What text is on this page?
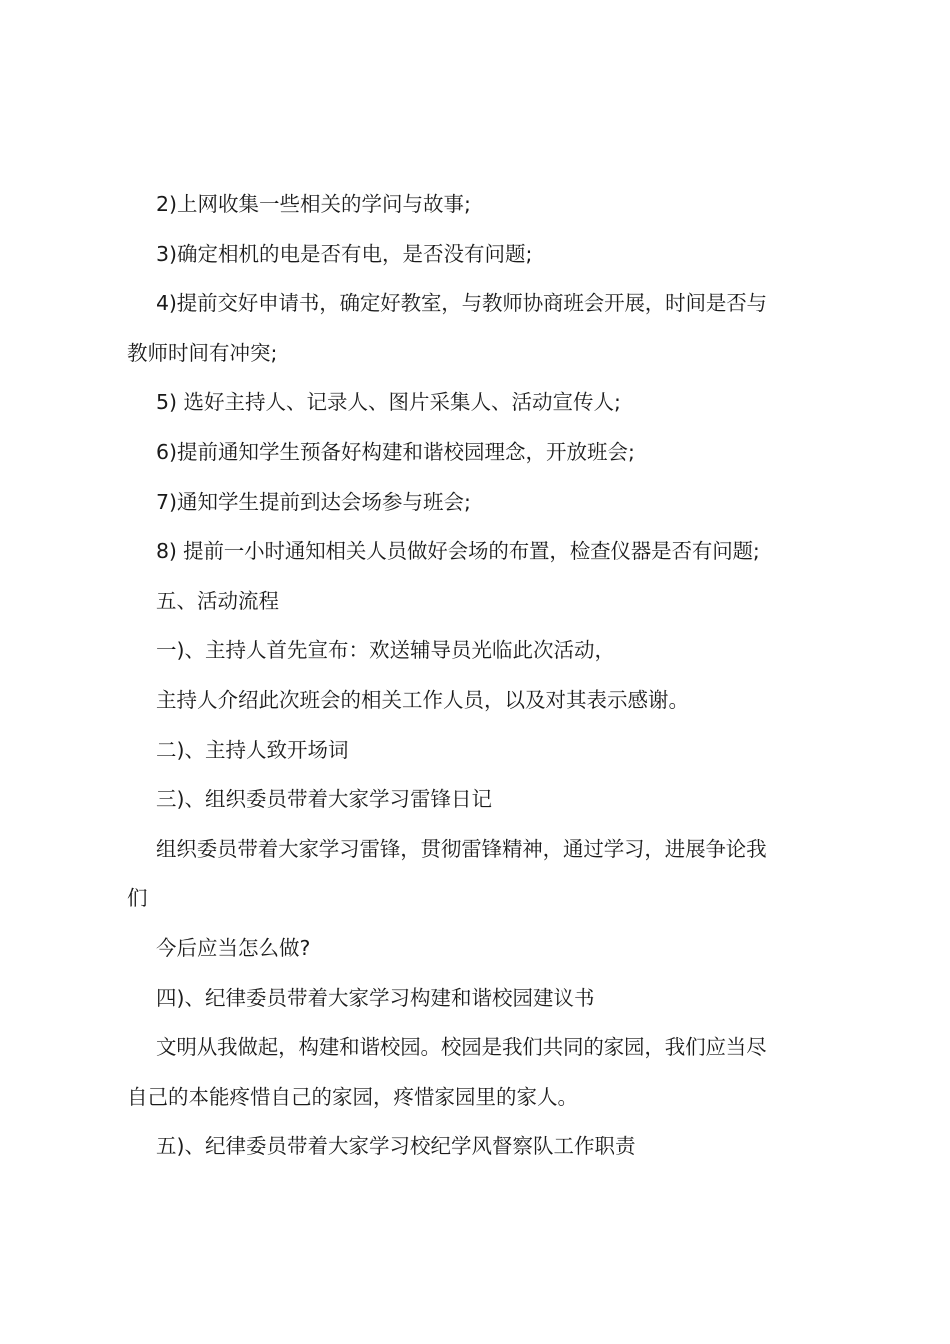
2)上网收集一些相关的学问与故事;
3)确定相机的电是否有电，是否没有问题;
4)提前交好申请书，确定好教室，与教师协商班会开展，时间是否与
教师时间有冲突;
5) 选好主持人、记录人、图片采集人、活动宣传人;
6)提前通知学生预备好构建和谐校园理念，开放班会;
7)通知学生提前到达会场参与班会;
8) 提前一小时通知相关人员做好会场的布置，检查仪器是否有问题;
五、活动流程
一)、主持人首先宣布：欢送辅导员光临此次活动，
主持人介绍此次班会的相关工作人员，以及对其表示感谢。
二)、主持人致开场词
三)、组织委员带着大家学习雷锋日记
组织委员带着大家学习雷锋，贯彻雷锋精神，通过学习，进展争论我
们
今后应当怎么做?
四)、纪律委员带着大家学习构建和谐校园建议书
文明从我做起，构建和谐校园。校园是我们共同的家园，我们应当尽
自己的本能疼惜自己的家园，疼惜家园里的家人。
五)、纪律委员带着大家学习校纪学风督察队工作职责
